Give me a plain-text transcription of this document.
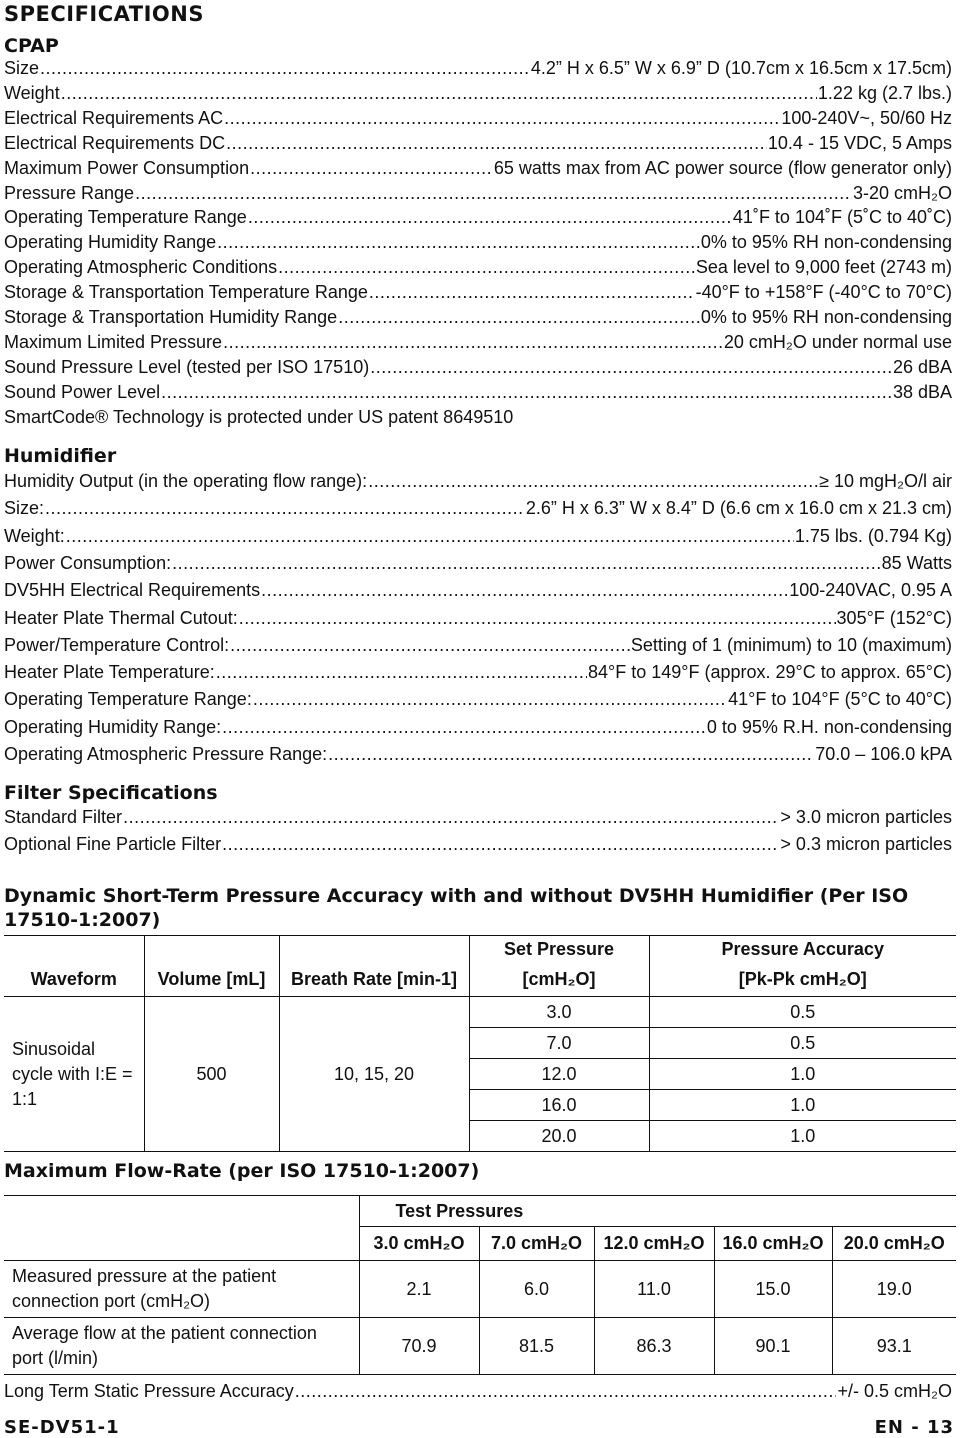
SPECIFICATIONS
CPAP
Size .....	4.2” H x 6.5” W x 6.9” D (10.7cm x 16.5cm x 17.5cm)
Weight .....	1.22 kg (2.7 lbs.)
Electrical Requirements AC .....	100-240V~, 50/60 Hz
Electrical Requirements DC .....	10.4 - 15 VDC, 5 Amps
Maximum Power Consumption .....	65 watts max from AC power source (flow generator only)
Pressure Range .....	3-20 cmH₂O
Operating Temperature Range .....	41˚F to 104˚F (5˚C to 40˚C)
Operating Humidity Range .....	0% to 95% RH non-condensing
Operating Atmospheric Conditions .....	Sea level to 9,000 feet (2743 m)
Storage & Transportation Temperature Range .....	-40°F to +158°F (-40°C to 70°C)
Storage & Transportation Humidity Range .....	0% to 95% RH non-condensing
Maximum Limited Pressure .....	20 cmH₂O under normal use
Sound Pressure Level (tested per ISO 17510) .....	26 dBA
Sound Power Level .....	38 dBA
SmartCode® Technology is protected under US patent 8649510
Humidifier
Humidity Output (in the operating flow range): .....	≥ 10 mgH₂O/l air
Size: .....	2.6” H x 6.3” W x 8.4” D (6.6 cm x 16.0 cm x 21.3 cm)
Weight: .....	1.75 lbs. (0.794 Kg)
Power Consumption: .....	85 Watts
DV5HH Electrical Requirements .....	100-240VAC, 0.95 A
Heater Plate Thermal Cutout: .....	305°F (152°C)
Power/Temperature Control: .....	Setting of 1 (minimum) to 10 (maximum)
Heater Plate Temperature: .....	84°F to 149°F (approx. 29°C to approx. 65°C)
Operating Temperature Range: .....	41°F to 104°F (5°C to 40°C)
Operating Humidity Range: .....	0 to 95% R.H. non-condensing
Operating Atmospheric Pressure Range: .....	70.0 – 106.0 kPA
Filter Specifications
Standard Filter .....	> 3.0 micron particles
Optional Fine Particle Filter .....	> 0.3 micron particles
Dynamic Short-Term Pressure Accuracy with and without DV5HH Humidifier (Per ISO 17510-1:2007)
Waveform	Volume [mL]	Breath Rate [min-1]	Set Pressure	Pressure Accuracy
			[cmH₂O]	[Pk-Pk cmH₂O]
Sinusoidal cycle with I:E = 1:1	500	10, 15, 20	3.0	0.5
			7.0	0.5
			12.0	1.0
			16.0	1.0
			20.0	1.0
Maximum Flow-Rate (per ISO 17510-1:2007)
	Test Pressures				
	3.0 cmH₂O	7.0 cmH₂O	12.0 cmH₂O	16.0 cmH₂O	20.0 cmH₂O
Measured pressure at the patient connection port (cmH₂O)	2.1	6.0	11.0	15.0	19.0
Average flow at the patient connection port (l/min)	70.9	81.5	86.3	90.1	93.1
Long Term Static Pressure Accuracy .....	+/- 0.5 cmH₂O
SE-DV51-1	EN - 13
